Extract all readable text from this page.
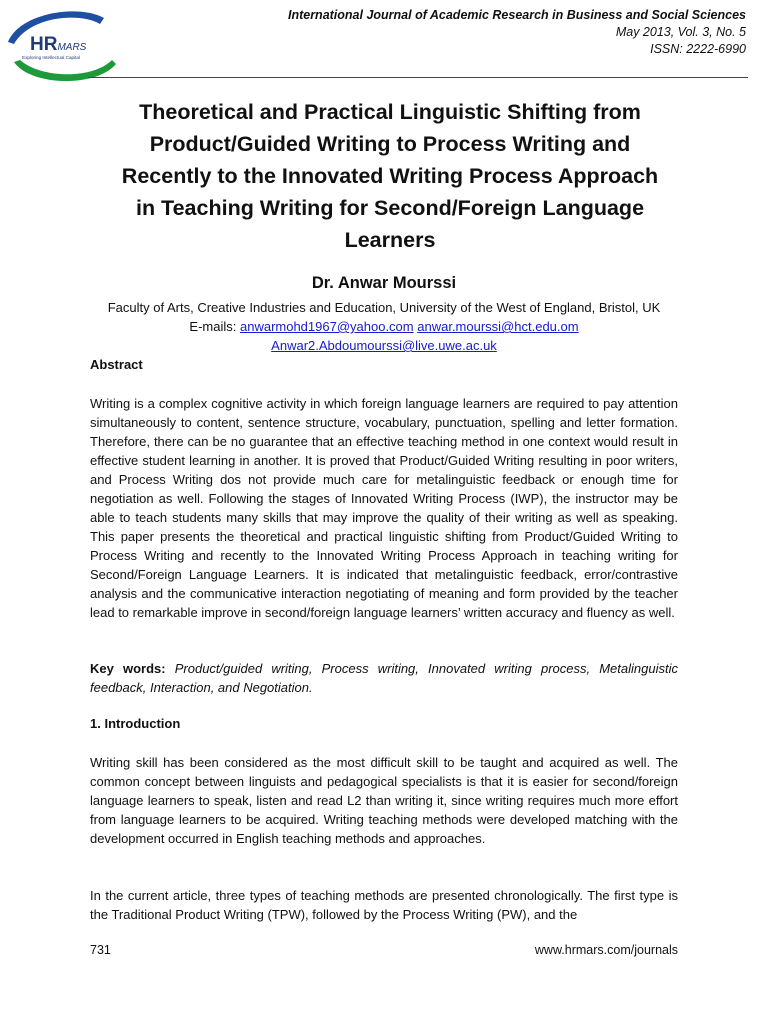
HRMARS
Exploring Intellectual Capital
International Journal of Academic Research in Business and Social Sciences
May 2013, Vol. 3, No. 5
ISSN: 2222-6990
Theoretical and Practical Linguistic Shifting from
Product/Guided Writing to Process Writing and
Recently to the Innovated Writing Process Approach
in Teaching Writing for Second/Foreign Language
Learners
Dr. Anwar Mourssi
Faculty of Arts, Creative Industries and Education, University of the West of England, Bristol, UK
E-mails: anwarmohd1967@yahoo.com anwar.mourssi@hct.edu.om
Anwar2.Abdoumourssi@live.uwe.ac.uk
Abstract
Writing is a complex cognitive activity in which foreign language learners are required to pay attention simultaneously to content, sentence structure, vocabulary, punctuation, spelling and letter formation. Therefore, there can be no guarantee that an effective teaching method in one context would result in effective student learning in another. It is proved that Product/Guided Writing resulting in poor writers, and Process Writing dos not provide much care for metalinguistic feedback or enough time for negotiation as well. Following the stages of Innovated Writing Process (IWP), the instructor may be able to teach students many skills that may improve the quality of their writing as well as speaking. This paper presents the theoretical and practical linguistic shifting from Product/Guided Writing to Process Writing and recently to the Innovated Writing Process Approach in teaching writing for Second/Foreign Language Learners. It is indicated that metalinguistic feedback, error/contrastive analysis and the communicative interaction negotiating of meaning and form provided by the teacher lead to remarkable improve in second/foreign language learners’ written accuracy and fluency as well.
Key words: Product/guided writing, Process writing, Innovated writing process, Metalinguistic feedback, Interaction, and Negotiation.
1. Introduction
Writing skill has been considered as the most difficult skill to be taught and acquired as well. The common concept between linguists and pedagogical specialists is that it is easier for second/foreign language learners to speak, listen and read L2 than writing it, since writing requires much more effort from language learners to be acquired. Writing teaching methods were developed matching with the development occurred in English teaching methods and approaches.
In the current article, three types of teaching methods are presented chronologically. The first type is the Traditional Product Writing (TPW), followed by the Process Writing (PW), and the
731	www.hrmars.com/journals
